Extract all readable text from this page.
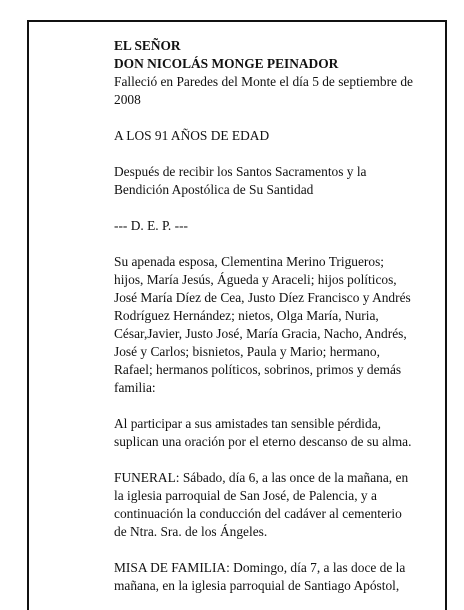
EL SEÑOR

DON NICOLÁS MONGE PEINADOR

Falleció en Paredes del Monte el día 5 de septiembre de

2008

A LOS 91 AÑOS DE EDAD

Después de recibir los Santos Sacramentos y la

Bendición Apostólica de Su Santidad

--- D. E. P. ---

Su apenada esposa, Clementina Merino Trigueros;

hijos, María Jesús, Águeda y Araceli; hijos políticos,

José María Díez de Cea, Justo Díez Francisco y Andrés

Rodríguez Hernández; nietos, Olga María, Nuria,

César,Javier, Justo José, María Gracia, Nacho, Andrés,

José y Carlos; bisnietos, Paula y Mario; hermano,

Rafael; hermanos políticos, sobrinos, primos y demás

familia:

Al participar a sus amistades tan sensible pérdida,

suplican una oración por el eterno descanso de su alma.

FUNERAL: Sábado, día 6, a las once de la mañana, en

la iglesia parroquial de San José, de Palencia, y a

continuación la conducción del cadáver al cementerio

de Ntra. Sra. de los Ángeles.

MISA DE FAMILIA: Domingo, día 7, a las doce de la

mañana, en la iglesia parroquial de Santiago Apóstol,
